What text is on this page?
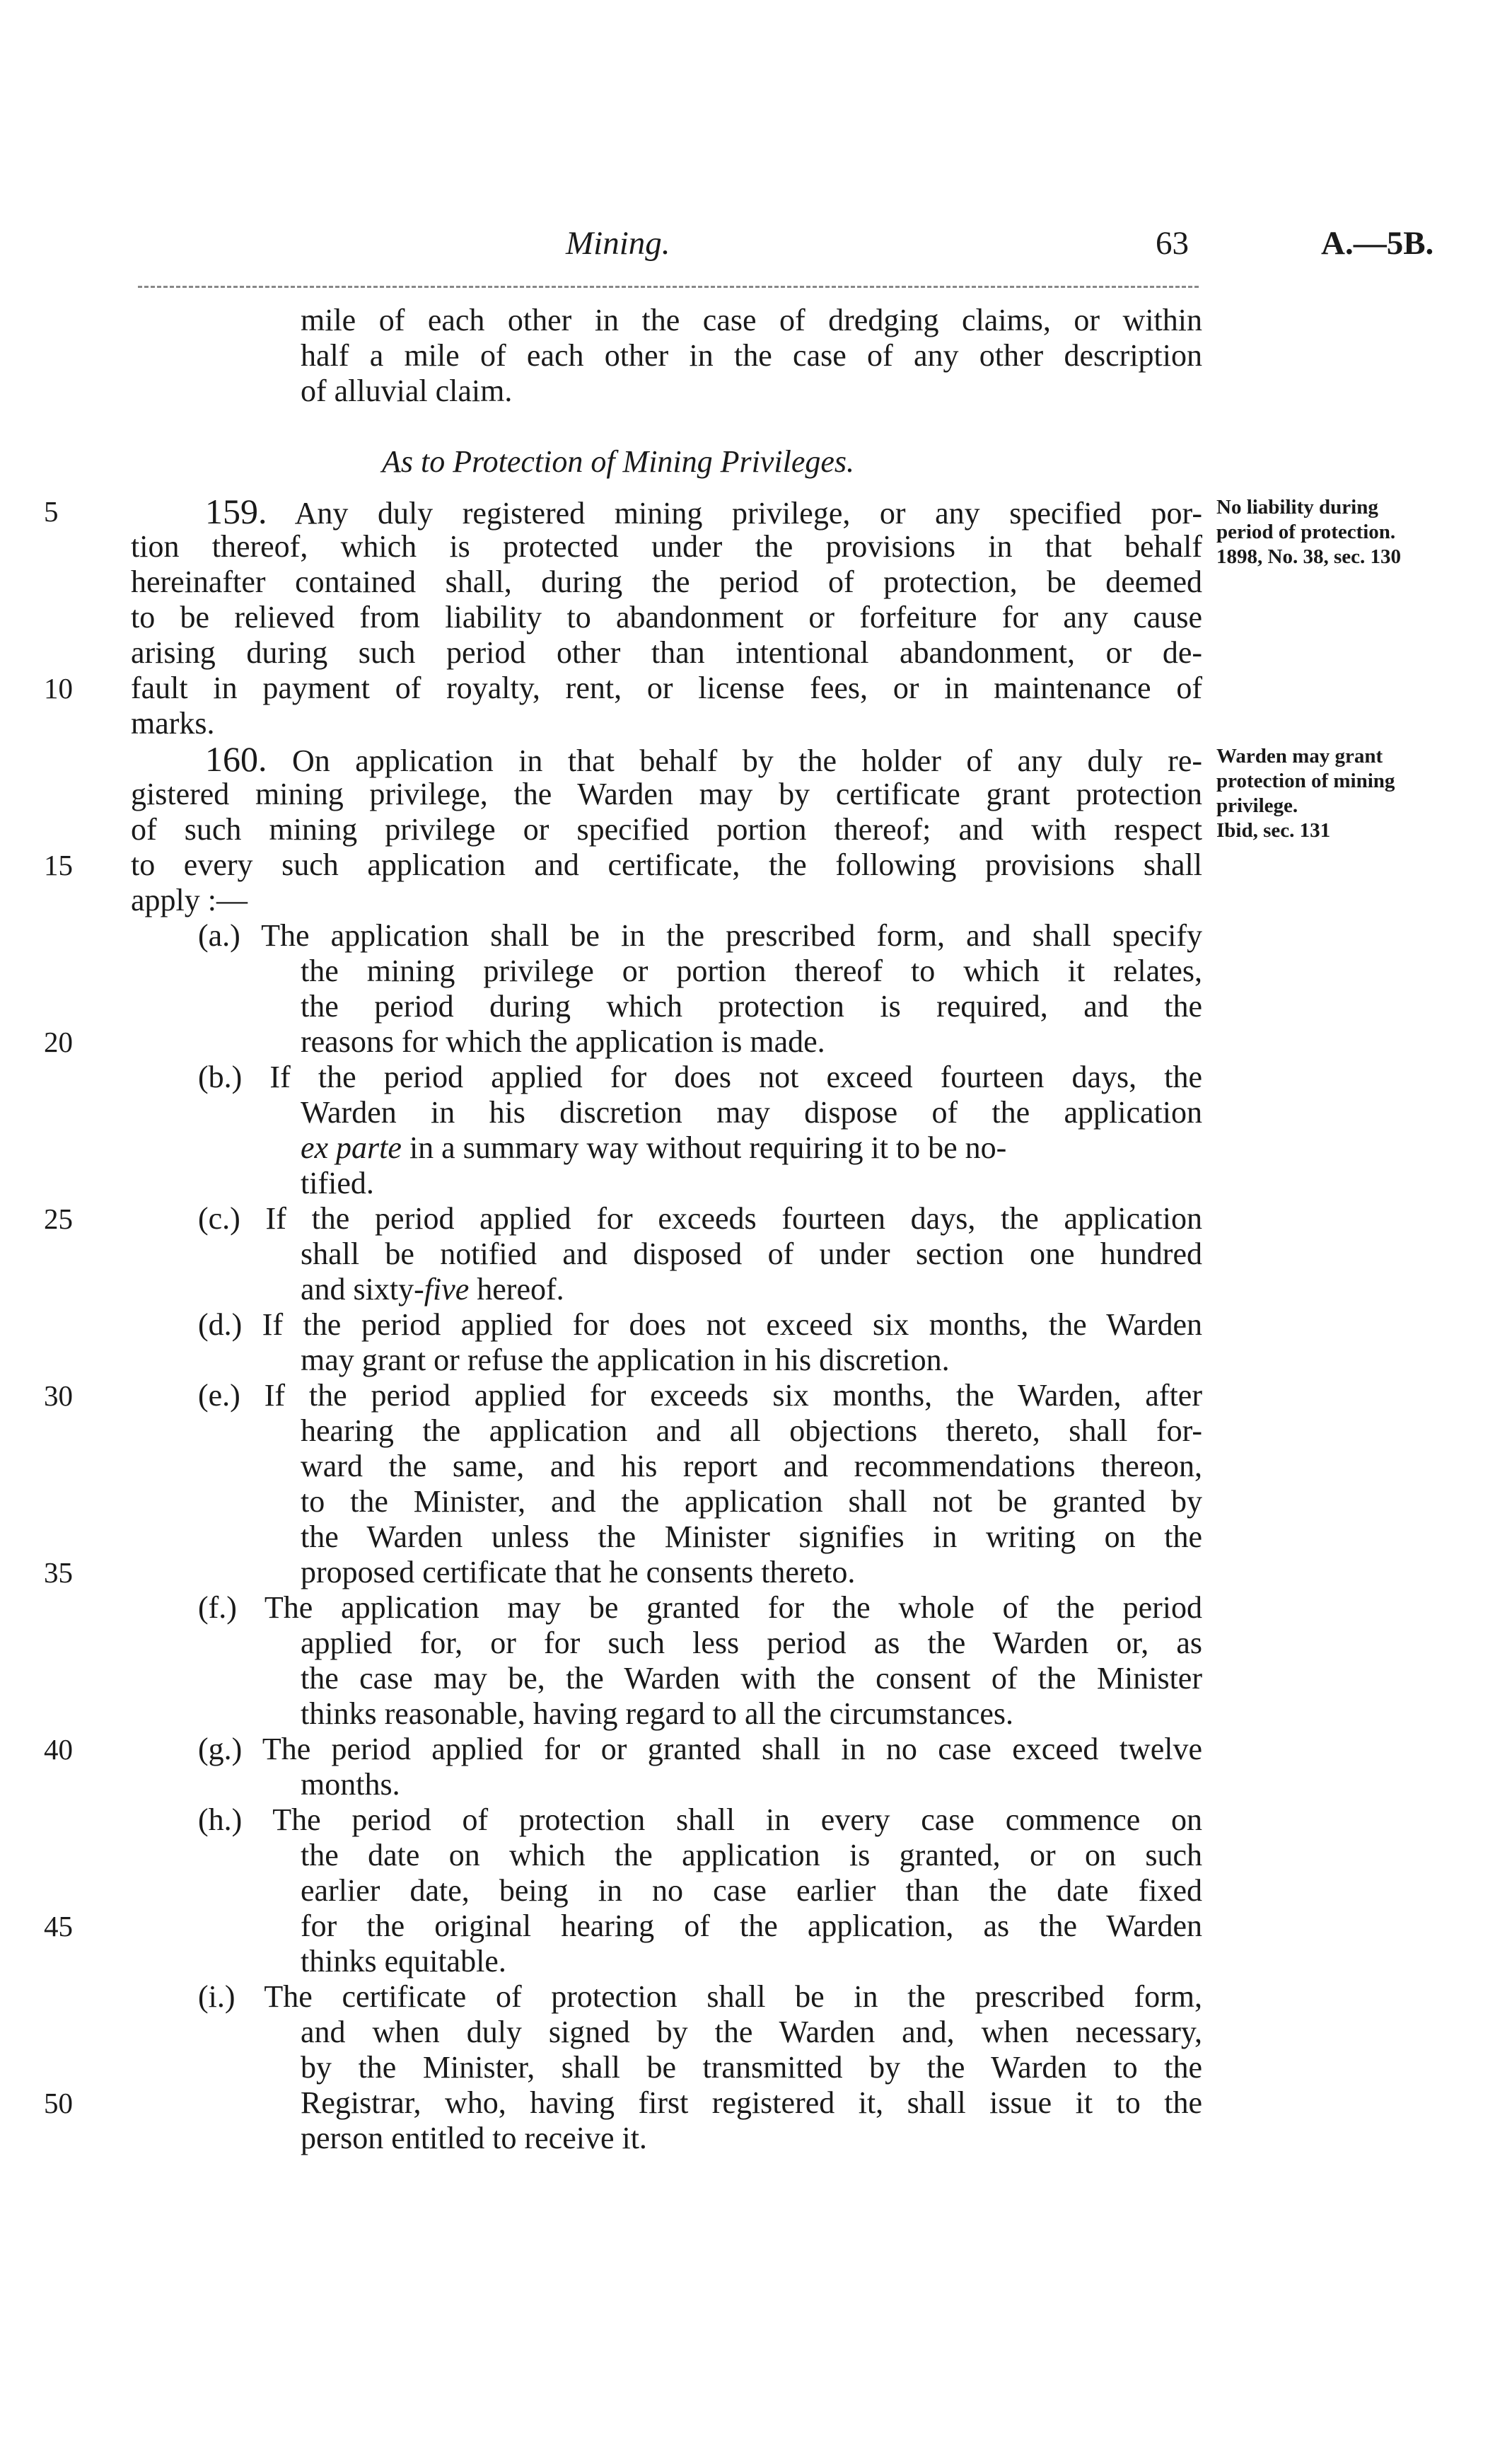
Mining.	63	A.—5B.
mile of each other in the case of dredging claims, or within
half a mile of each other in the case of any other description
of alluvial claim.
As to Protection of Mining Privileges.
5
10
15
20
25
30
35
40
45
50
159. Any duly registered mining privilege, or any specified por-
tion thereof, which is protected under the provisions in that behalf
hereinafter contained shall, during the period of protection, be deemed
to be relieved from liability to abandonment or forfeiture for any cause
arising during such period other than intentional abandonment, or de-
fault in payment of royalty, rent, or license fees, or in maintenance of
marks.
No liability during
period of protection.
1898, No. 38, sec. 130
160. On application in that behalf by the holder of any duly re-
gistered mining privilege, the Warden may by certificate grant protection
of such mining privilege or specified portion thereof; and with respect
to every such application and certificate, the following provisions shall
apply :—
Warden may grant
protection of mining
privilege.
Ibid, sec. 131
(a.) The application shall be in the prescribed form, and shall specify
the mining privilege or portion thereof to which it relates,
the period during which protection is required, and the
reasons for which the application is made.
(b.) If the period applied for does not exceed fourteen days, the
Warden in his discretion may dispose of the application
ex parte in a summary way without requiring it to be no-
tified.
(c.) If the period applied for exceeds fourteen days, the application
shall be notified and disposed of under section one hundred
and sixty-five hereof.
(d.) If the period applied for does not exceed six months, the Warden
may grant or refuse the application in his discretion.
(e.) If the period applied for exceeds six months, the Warden, after
hearing the application and all objections thereto, shall for-
ward the same, and his report and recommendations thereon,
to the Minister, and the application shall not be granted by
the Warden unless the Minister signifies in writing on the
proposed certificate that he consents thereto.
(f.) The application may be granted for the whole of the period
applied for, or for such less period as the Warden or, as
the case may be, the Warden with the consent of the Minister
thinks reasonable, having regard to all the circumstances.
(g.) The period applied for or granted shall in no case exceed twelve
months.
(h.) The period of protection shall in every case commence on
the date on which the application is granted, or on such
earlier date, being in no case earlier than the date fixed
for the original hearing of the application, as the Warden
thinks equitable.
(i.) The certificate of protection shall be in the prescribed form,
and when duly signed by the Warden and, when necessary,
by the Minister, shall be transmitted by the Warden to the
Registrar, who, having first registered it, shall issue it to the
person entitled to receive it.
